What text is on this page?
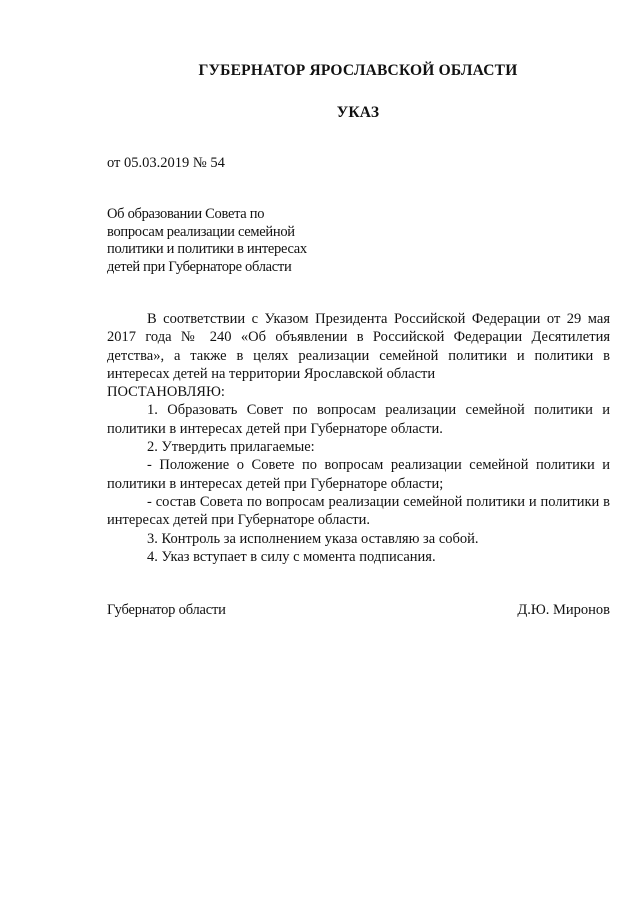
ГУБЕРНАТОР ЯРОСЛАВСКОЙ ОБЛАСТИ
УКАЗ
от 05.03.2019 № 54
Об образовании Совета по
вопросам реализации семейной
политики и политики в интересах
детей при Губернаторе области

В соответствии с Указом Президента Российской Федерации от 29 мая 2017 года № 240 «Об объявлении в Российской Федерации Десятилетия детства», а также в целях реализации семейной политики и политики в интересах детей на территории Ярославской области

ПОСТАНОВЛЯЮ:

1. Образовать Совет по вопросам реализации семейной политики и политики в интересах детей при Губернаторе области.

2. Утвердить прилагаемые:

- Положение о Совете по вопросам реализации семейной политики и политики в интересах детей при Губернаторе области;

- состав Совета по вопросам реализации семейной политики и политики в интересах детей при Губернаторе области.

3. Контроль за исполнением указа оставляю за собой.

4. Указ вступает в силу с момента подписания.

Губернатор области	Д.Ю. Миронов
